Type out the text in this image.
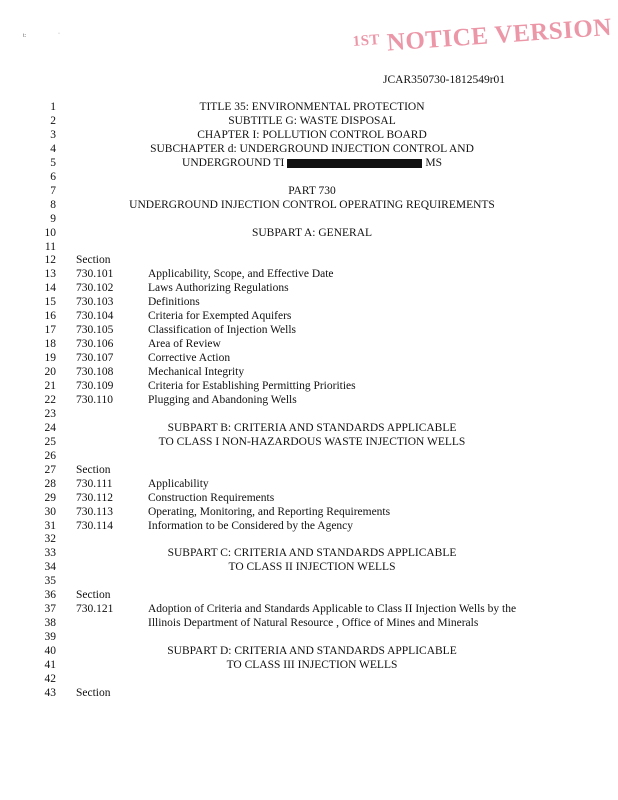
t:	·	$^{1ST}$ NOTICE VERSION
JCAR350730-1812549r01
1	TITLE 35: ENVIRONMENTAL PROTECTION
2	SUBTITLE G: WASTE DISPOSAL
3	CHAPTER I: POLLUTION CONTROL BOARD
4	SUBCHAPTER d: UNDERGROUND INJECTION CONTROL AND
5	UNDERGROUND TI	MS
6
7	PART 730
8	UNDERGROUND INJECTION CONTROL OPERATING REQUIREMENTS
9
10	SUBPART A: GENERAL
11
12 Section
13 730.101	Applicability, Scope, and Effective Date
14 730.102	Laws Authorizing Regulations
15 730.103	Definitions
16 730.104	Criteria for Exempted Aquifers
17 730.105	Classification of Injection Wells
18 730.106	Area of Review
19 730.107	Corrective Action
20 730.108	Mechanical Integrity
21 730.109	Criteria for Establishing Permitting Priorities
22 730.110	Plugging and Abandoning Wells
23
24	SUBPART B: CRITERIA AND STANDARDS APPLICABLE
25	TO CLASS I NON-HAZARDOUS WASTE INJECTION WELLS
26
27 Section
28 730.111	Applicability
29 730.112	Construction Requirements
30 730.113	Operating, Monitoring, and Reporting Requirements
31 730.114	Information to be Considered by the Agency
32
33	SUBPART C: CRITERIA AND STANDARDS APPLICABLE
34	TO CLASS II INJECTION WELLS
35
36 Section
37 730.121	Adoption of Criteria and Standards Applicable to Class II Injection Wells by the
38	Illinois Department of Natural Resource , Office of Mines and Minerals
39
40	SUBPART D: CRITERIA AND STANDARDS APPLICABLE
41	TO CLASS III INJECTION WELLS
42
43 Section
